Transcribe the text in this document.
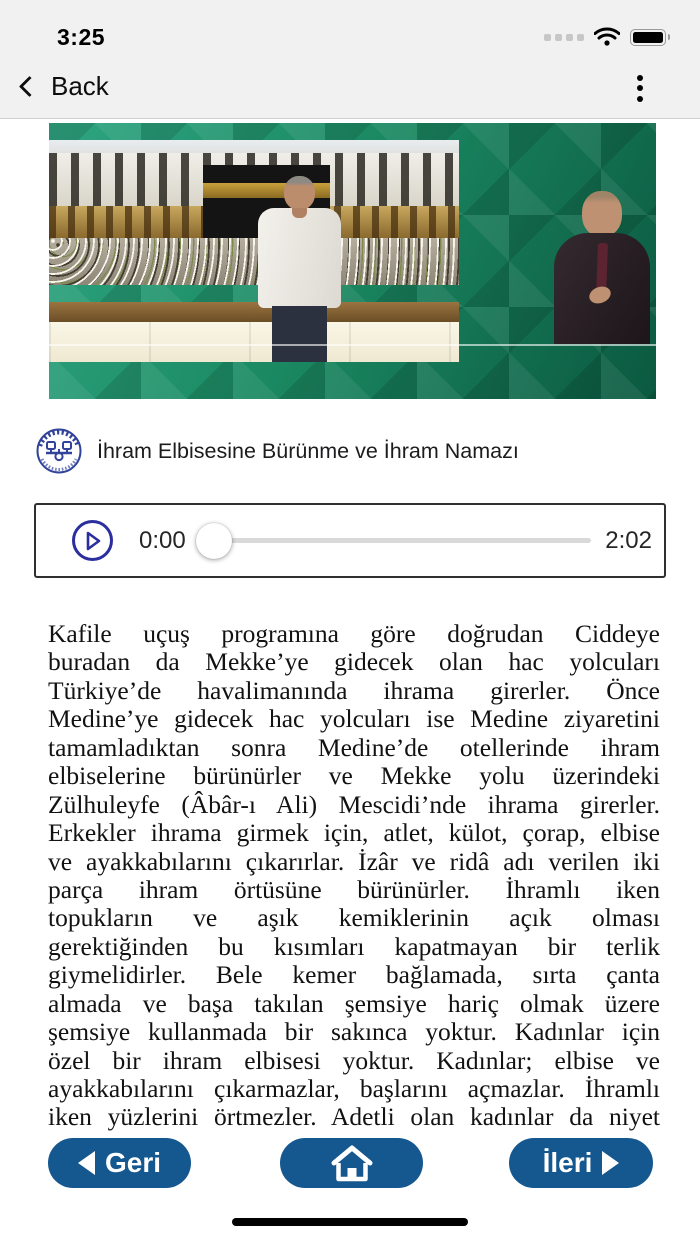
3:25
Back
İhram Elbisesine Bürünme ve İhram Namazı
0:00	2:02
Kafile uçuş programına göre doğrudan Ciddeye
buradan da Mekke’ye gidecek olan hac yolcuları
Türkiye’de havalimanında ihrama girerler. Önce
Medine’ye gidecek hac yolcuları ise Medine ziyaretini
tamamladıktan sonra Medine’de otellerinde ihram
elbiselerine bürünürler ve Mekke yolu üzerindeki
Zülhuleyfe (Âbâr-ı Ali) Mescidi’nde ihrama girerler.
Erkekler ihrama girmek için, atlet, külot, çorap, elbise
ve ayakkabılarını çıkarırlar. İzâr ve ridâ adı verilen iki
parça ihram örtüsüne bürünürler. İhramlı iken
topukların ve aşık kemiklerinin açık olması
gerektiğinden bu kısımları kapatmayan bir terlik
giymelidirler. Bele kemer bağlamada, sırta çanta
almada ve başa takılan şemsiye hariç olmak üzere
şemsiye kullanmada bir sakınca yoktur. Kadınlar için
özel bir ihram elbisesi yoktur. Kadınlar; elbise ve
ayakkabılarını çıkarmazlar, başlarını açmazlar. İhramlı
iken yüzlerini örtmezler. Adetli olan kadınlar da niyet
Geri	İleri
